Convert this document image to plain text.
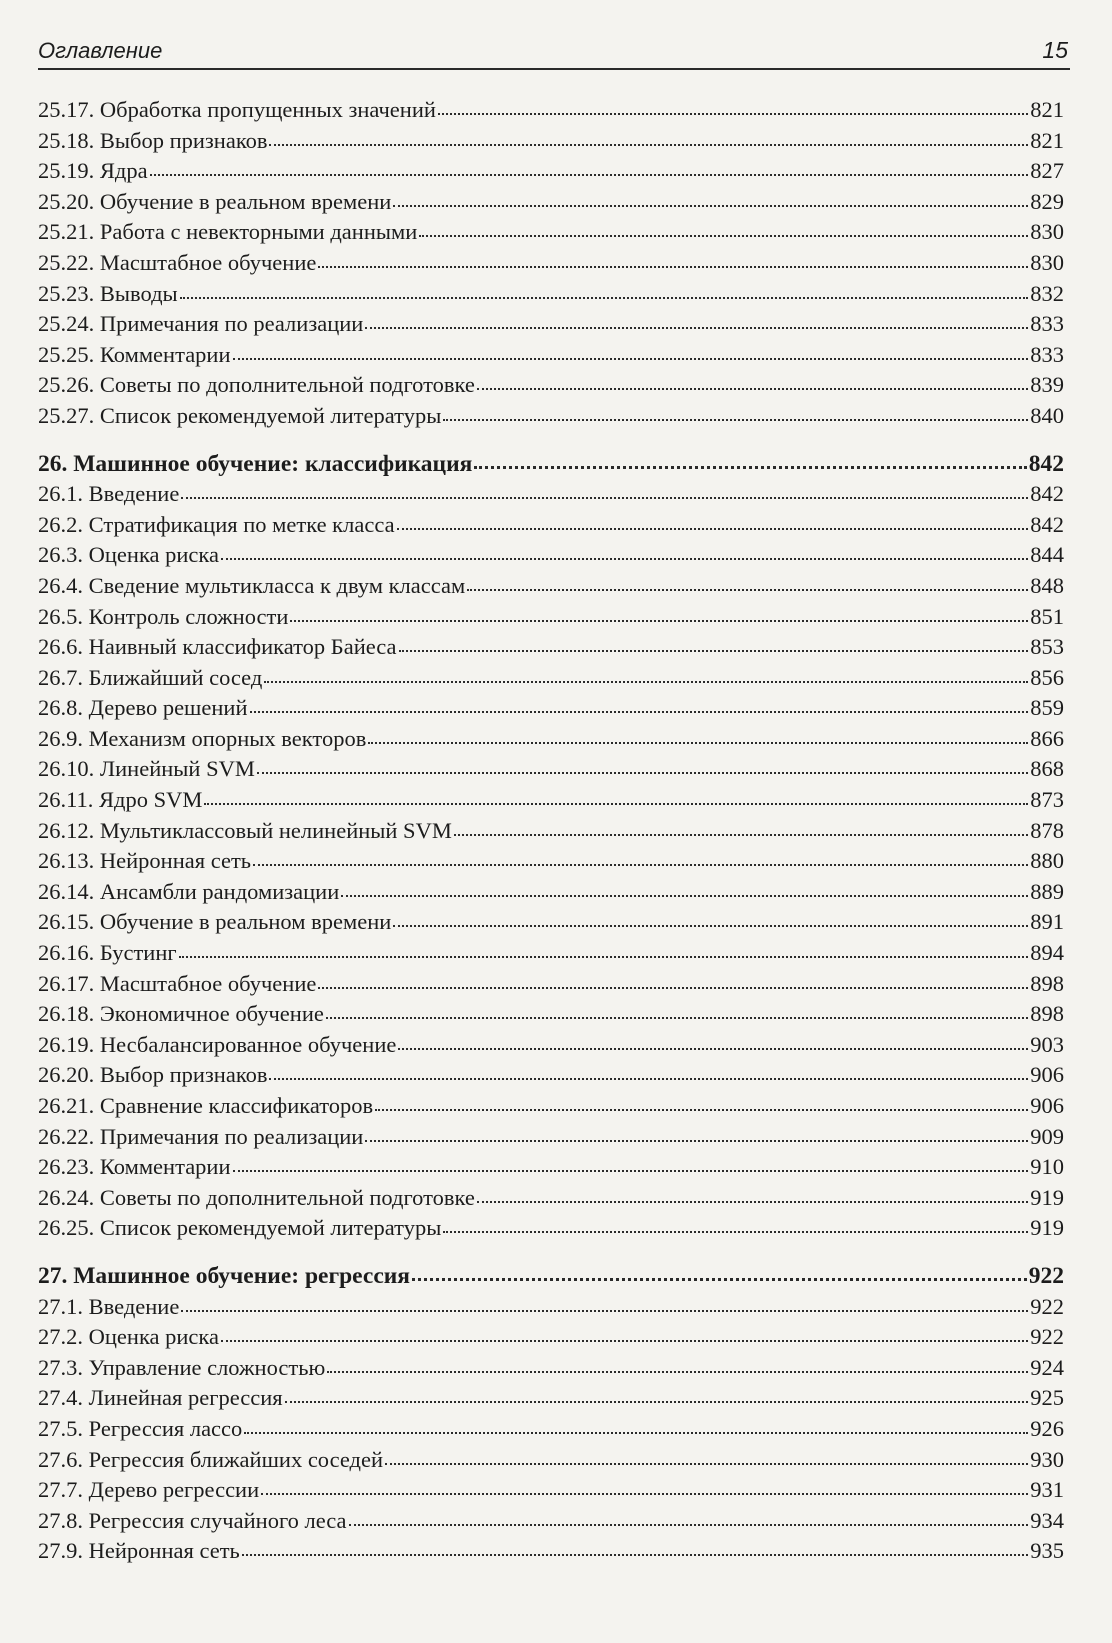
Оглавление	15
25.17. Обработка пропущенных значений	821
25.18. Выбор признаков	821
25.19. Ядра	827
25.20. Обучение в реальном времени	829
25.21. Работа с невекторными данными	830
25.22. Масштабное обучение	830
25.23. Выводы	832
25.24. Примечания по реализации	833
25.25. Комментарии	833
25.26. Советы по дополнительной подготовке	839
25.27. Список рекомендуемой литературы	840
26. Машинное обучение: классификация	842
26.1. Введение	842
26.2. Стратификация по метке класса	842
26.3. Оценка риска	844
26.4. Сведение мультикласса к двум классам	848
26.5. Контроль сложности	851
26.6. Наивный классификатор Байеса	853
26.7. Ближайший сосед	856
26.8. Дерево решений	859
26.9. Механизм опорных векторов	866
26.10. Линейный SVM	868
26.11. Ядро SVM	873
26.12. Мультиклассовый нелинейный SVM	878
26.13. Нейронная сеть	880
26.14. Ансамбли рандомизации	889
26.15. Обучение в реальном времени	891
26.16. Бустинг	894
26.17. Масштабное обучение	898
26.18. Экономичное обучение	898
26.19. Несбалансированное обучение	903
26.20. Выбор признаков	906
26.21. Сравнение классификаторов	906
26.22. Примечания по реализации	909
26.23. Комментарии	910
26.24. Советы по дополнительной подготовке	919
26.25. Список рекомендуемой литературы	919
27. Машинное обучение: регрессия	922
27.1. Введение	922
27.2. Оценка риска	922
27.3. Управление сложностью	924
27.4. Линейная регрессия	925
27.5. Регрессия лассо	926
27.6. Регрессия ближайших соседей	930
27.7. Дерево регрессии	931
27.8. Регрессия случайного леса	934
27.9. Нейронная сеть	935
